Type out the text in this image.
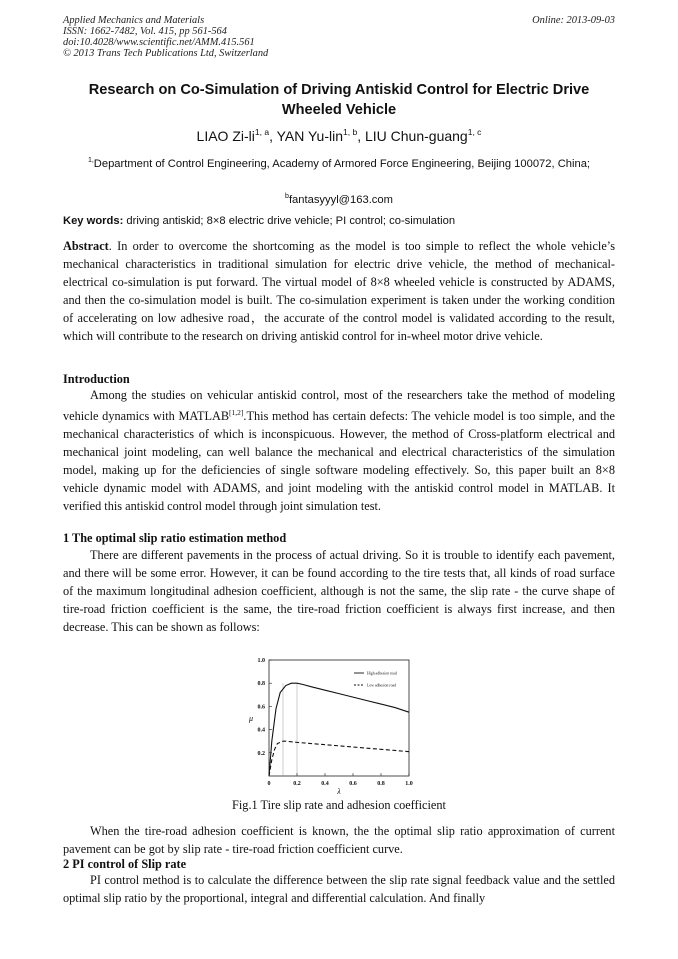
Applied Mechanics and Materials
ISSN: 1662-7482, Vol. 415, pp 561-564
doi:10.4028/www.scientific.net/AMM.415.561
© 2013 Trans Tech Publications Ltd, Switzerland
Online: 2013-09-03
Research on Co-Simulation of Driving Antiskid Control for Electric Drive Wheeled Vehicle
LIAO Zi-li$^{1, a}$, YAN Yu-lin$^{1, b}$, LIU Chun-guang$^{1, c}$
$^{1,}$Department of Control Engineering, Academy of Armored Force Engineering, Beijing 100072, China;
$^b$fantasyyyl@163.com
Key words: driving antiskid; 8×8 electric drive vehicle; PI control; co-simulation
Abstract. In order to overcome the shortcoming as the model is too simple to reflect the whole vehicle’s mechanical characteristics in traditional simulation for electric drive vehicle, the method of mechanical-electrical co-simulation is put forward. The virtual model of 8×8 wheeled vehicle is constructed by ADAMS, and then the co-simulation model is built. The co-simulation experiment is taken under the working condition of accelerating on low adhesive road，the accurate of the control model is validated according to the result, which will contribute to the research on driving antiskid control for in-wheel motor drive vehicle.
Introduction
Among the studies on vehicular antiskid control, most of the researchers take the method of modeling vehicle dynamics with MATLAB[1,2].This method has certain defects: The vehicle model is too simple, and the mechanical characteristics of which is inconspicuous. However, the method of Cross-platform electrical and mechanical joint modeling, can well balance the mechanical and electrical characteristics of the simulation model, making up for the deficiencies of single software modeling effectively. So, this paper built an 8×8 vehicle dynamic model with ADAMS, and joint modeling with the antiskid control model in MATLAB. It verified this antiskid control model through joint simulation test.
1 The optimal slip ratio estimation method
There are different pavements in the process of actual driving. So it is trouble to identify each pavement, and there will be some error. However, it can be found according to the tire tests that, all kinds of road surface of the maximum longitudinal adhesion coefficient, although is not the same, the slip rate - the curve shape of tire-road friction coefficient is the same, the tire-road friction coefficient is always first increase, and then decrease. This can be shown as follows:
0	0.2	0.4	0.6	0.8	1.0
0.2
0.4
0.6
0.8
1.0
λ
μ
High adhesion road
Low adhesion road
Fig.1 Tire slip rate and adhesion coefficient
When the tire-road adhesion coefficient is known, the the optimal slip ratio approximation of current pavement can be got by slip rate - tire-road friction coefficient curve.
2 PI control of Slip rate
PI control method is to calculate the difference between the slip rate signal feedback value and the settled optimal slip ratio by the proportional, integral and differential calculation. And finally
